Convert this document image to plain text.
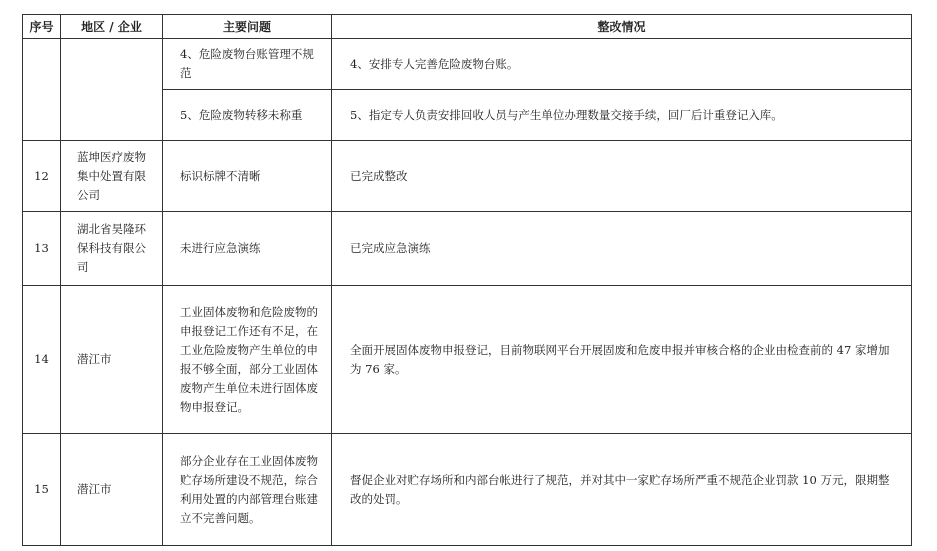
序号	地区 / 企业	主要问题	整改情况
		4、危险废物台账管理不规范	4、安排专人完善危险废物台账。
		5、危险废物转移未称重	5、指定专人负责安排回收人员与产生单位办理数量交接手续，回厂后计重登记入库。
12	蓝坤医疗废物集中处置有限公司	标识标牌不清晰	已完成整改
13	湖北省昊隆环保科技有限公司	未进行应急演练	已完成应急演练
14	潜江市	工业固体废物和危险废物的申报登记工作还有不足，在工业危险废物产生单位的申报不够全面，部分工业固体废物产生单位未进行固体废物申报登记。	全面开展固体废物申报登记，目前物联网平台开展固废和危废申报并审核合格的企业由检查前的 47 家增加为 76 家。
15	潜江市	部分企业存在工业固体废物贮存场所建设不规范，综合利用处置的内部管理台账建立不完善问题。	督促企业对贮存场所和内部台帐进行了规范，并对其中一家贮存场所严重不规范企业罚款 10 万元，限期整改的处罚。
